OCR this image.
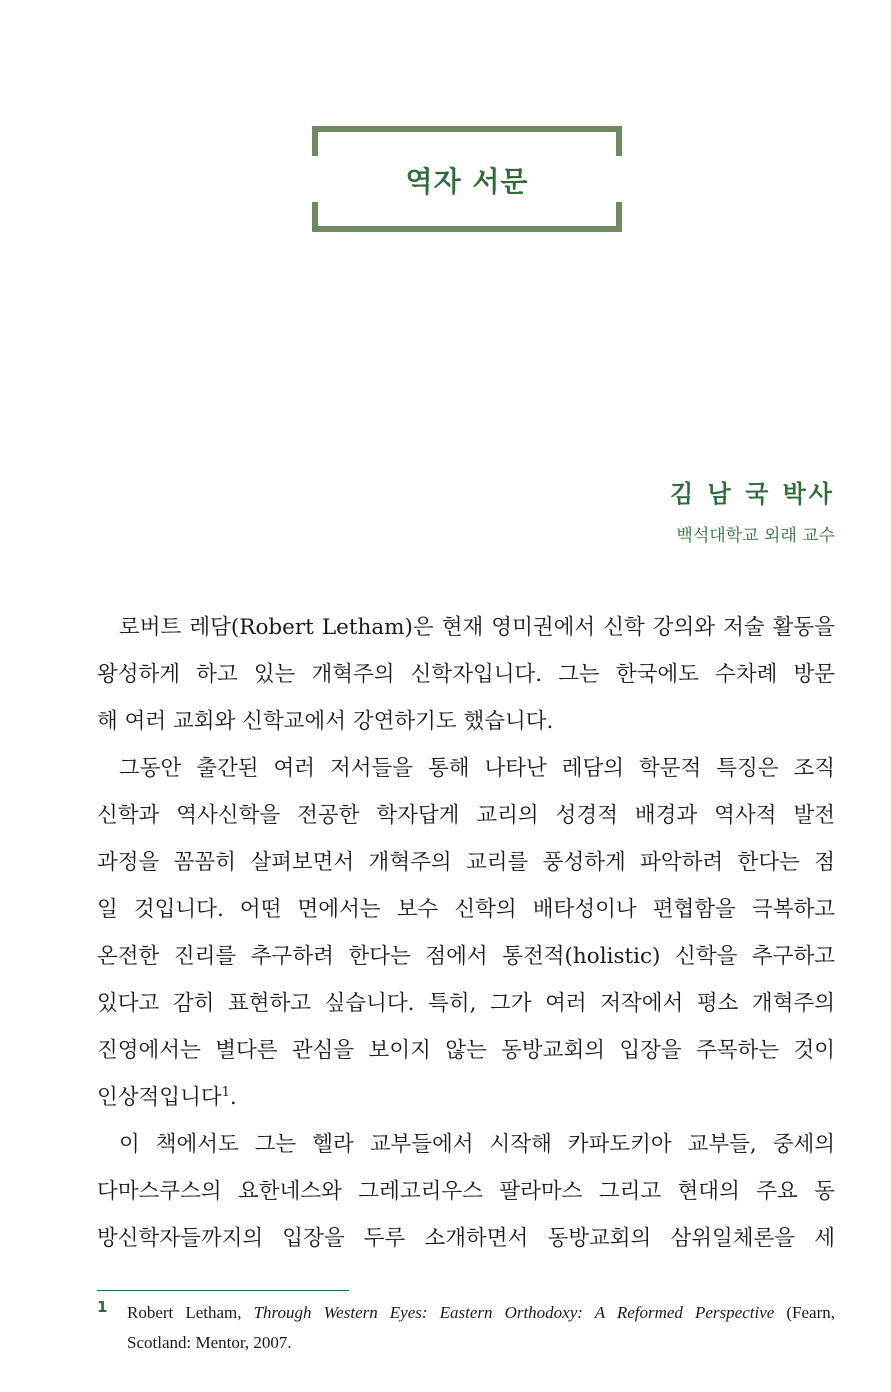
역자 서문
김 남 국 박사
백석대학교 외래 교수
로버트 레담(Robert Letham)은 현재 영미권에서 신학 강의와 저술 활동을
왕성하게 하고 있는 개혁주의 신학자입니다. 그는 한국에도 수차례 방문
해 여러 교회와 신학교에서 강연하기도 했습니다.
그동안 출간된 여러 저서들을 통해 나타난 레담의 학문적 특징은 조직
신학과 역사신학을 전공한 학자답게 교리의 성경적 배경과 역사적 발전
과정을 꼼꼼히 살펴보면서 개혁주의 교리를 풍성하게 파악하려 한다는 점
일 것입니다. 어떤 면에서는 보수 신학의 배타성이나 편협함을 극복하고
온전한 진리를 추구하려 한다는 점에서 통전적(holistic) 신학을 추구하고
있다고 감히 표현하고 싶습니다. 특히, 그가 여러 저작에서 평소 개혁주의
진영에서는 별다른 관심을 보이지 않는 동방교회의 입장을 주목하는 것이
인상적입니다$^1$.
이 책에서도 그는 헬라 교부들에서 시작해 카파도키아 교부들, 중세의
다마스쿠스의 요한네스와 그레고리우스 팔라마스 그리고 현대의 주요 동
방신학자들까지의 입장을 두루 소개하면서 동방교회의 삼위일체론을 세
1 Robert Letham, Through Western Eyes: Eastern Orthodoxy: A Reformed Perspective (Fearn,
Scotland: Mentor, 2007.
